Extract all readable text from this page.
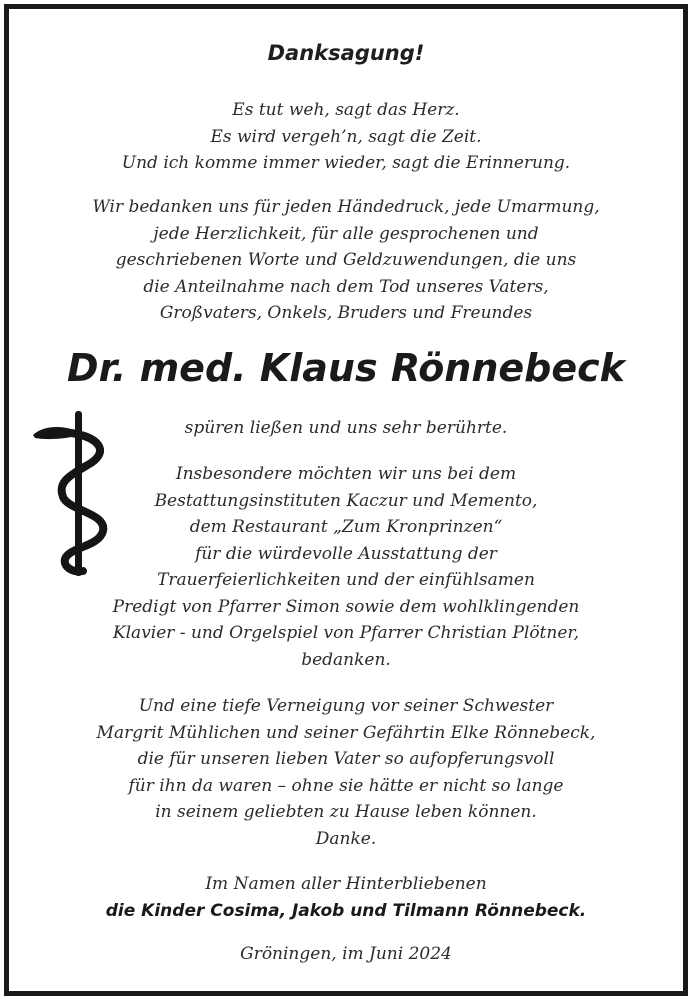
Danksagung!
Es tut weh, sagt das Herz.
Es wird vergeh’n, sagt die Zeit.
Und ich komme immer wieder, sagt die Erinnerung.
Wir bedanken uns für jeden Händedruck, jede Umarmung,
jede Herzlichkeit, für alle gesprochenen und
geschriebenen Worte und Geldzuwendungen, die uns
die Anteilnahme nach dem Tod unseres Vaters,
Großvaters, Onkels, Bruders und Freundes
Dr. med. Klaus Rönnebeck
spüren ließen und uns sehr berührte.
Insbesondere möchten wir uns bei dem
Bestattungsinstituten Kaczur und Memento,
dem Restaurant „Zum Kronprinzen“
für die würdevolle Ausstattung der
Trauerfeierlichkeiten und der einfühlsamen
Predigt von Pfarrer Simon sowie dem wohlklingenden
Klavier - und Orgelspiel von Pfarrer Christian Plötner,
bedanken.
Und eine tiefe Verneigung vor seiner Schwester
Margrit Mühlichen und seiner Gefährtin Elke Rönnebeck,
die für unseren lieben Vater so aufopferungsvoll
für ihn da waren – ohne sie hätte er nicht so lange
in seinem geliebten zu Hause leben können.
Danke.
Im Namen aller Hinterbliebenen
die Kinder Cosima, Jakob und Tilmann Rönnebeck.
Gröningen, im Juni 2024
